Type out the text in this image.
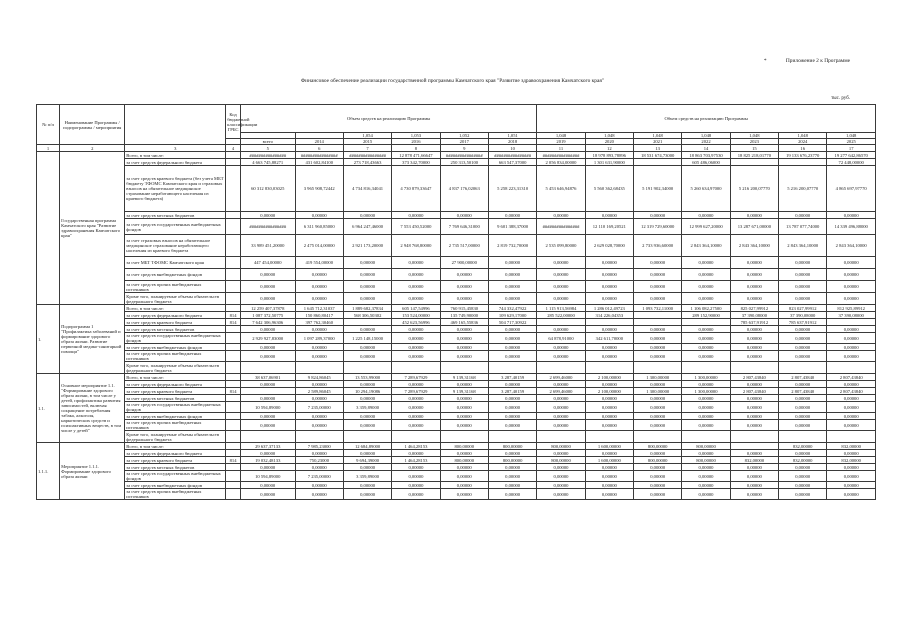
*	Приложение 2 к Программе
Финансовое обеспечение реализации государственной программы Камчатского края "Развитие здравоохранения Камчатского края"
тыс. руб.
№ п/п	Наименование Программы / подпрограммы / мероприятия		Код бюджетной классификации ГРБС	Объем средств на реализацию Программы						Объем средств на реализацию Программы						
						1,054	1,053	1,052	1,051	1,048	1,048	1,048	1,048	1,048	1,048	1,048
				всего	2014	2015	2016	2017	2018	2019	2020	2021	2022	2023	2024	2025
1	2	3	4	5	6	7	8	9	10	11	12	13	14	15	16	17
	Государственная программа Камчатского края "Развитие здравоохранения Камчатского края"	Всего, в том числе:		################	################	################	12 878 471,66647	################	################	################	18 978 893,78896	18 531 674,73000	18 863 703,97530	18 825 218,01770	19 133 676,23770	19 277 642,86570
		за счет средств федерального бюджета		4 663 745,88271	431 602,84100	273 718,43663	373 342,70000	250 313,50100	663 547,37000	2 056 834,00000	1 301 631,90000		605 486,06000			72 448,00000
		за счет средств краевого бюджета (без учета МБТ бюджету ТФОМС Камчатского края и страховых взносов на обязательное медицинское страхование неработающего населения из краевого бюджета)		60 312 830,03025	3 965 908,72442	4 734 816,34041	4 730 879,33647	4 837 176,02063	5 258 223,31310	5 453 646,94876	5 560 362,68435	5 191 902,34000	5 260 634,97000	5 216 200,07770	5 216 200,07770	4 865 697,97770
		за счет средств местных бюджетов		0,00000	0,00000	0,00000	0,00000	0,00000	0,00000	0,00000	0,00000	0,00000	0,00000	0,00000	0,00000	0,00000
		за счет средств государственных внебюджетных фондов		################	6 311 960,85000	6 964 247,46000	7 553 450,52000	7 769 646,31000	9 601 388,37000	################	12 110 169,20521	12 319 729,60000	12 999 627,20000	13 287 671,00000	13 787 077,74000	14 339 496,88000
		за счет страховых взносов на обязательное медицинское страхование неработающего населения из краевого бюджета		33 989 451,20000	2 475 014,00000	2 921 173,20000	2 948 768,80000	2 735 517,00000	2 819 732,70000	2 535 099,80000	2 629 028,70000	2 733 936,60000	2 843 364,10000	2 843 364,10000	2 843 364,10000	2 843 364,10000
		за счет МБТ ТФОМС Камчатского края		447 454,00000	419 554,00000	0,00000	0,00000	27 900,00000	0,00000	0,00000	0,00000	0,00000	0,00000	0,00000	0,00000	0,00000
		за счет средств внебюджетных фондов		0,00000	0,00000	0,00000	0,00000	0,00000	0,00000	0,00000	0,00000	0,00000	0,00000	0,00000	0,00000	0,00000
		за счет средств прочих внебюджетных источников		0,00000	0,00000	0,00000	0,00000	0,00000	0,00000	0,00000	0,00000	0,00000	0,00000	0,00000	0,00000	0,00000
		Кроме того, планируемые объемы обязательств федерального бюджета		0,00000	0,00000	0,00000	0,00000	0,00000	0,00000	0,00000	0,00000	0,00000	0,00000	0,00000	0,00000	0,00000
1.	Подпрограмма 1 "Профилактика заболеваний и формирование здорового образа жизни. Развитие первичной медико-санитарной помощи"	Всего, в том числе:		12 259 407,37878	1 645 712,31037	1 889 682,37834	605 147,54996	760 915,45830	744 332,47922	1 115 913,56984	1 286 012,49723	1 093 732,11000	1 106 082,27500	825 027,99912	823 027,99912	812 925,89912
		за счет средств федерального бюджета	814	1 087 372,50775	150 860,80417	568 306,50302	153 524,00000	135 749,90000	109 629,17000	285 522,00000	314 226,04353		289 152,90000	37 390,08000	37 390,08000	37 390,08000
		за счет средств краевого бюджета	814	7 642 306,96306	397 762,30460		452 623,56996	469 165,55836	504 717,30922					785 637,91912	785 637,91912	
		за счет средств местных бюджетов		0,00000	0,00000	0,00000	0,00000	0,00000	0,00000	0,00000	0,00000	0,00000	0,00000	0,00000	0,00000	0,00000
		за счет средств государственных внебюджетных фондов		2 929 927,83000	1 097 289,37000	1 225 148,15000	0,00000	0,00000	0,00000	64 878,91000	342 611,70000	0,00000	0,00000	0,00000	0,00000	0,00000
		за счет средств внебюджетных фондов		0,00000	0,00000	0,00000	0,00000	0,00000	0,00000	0,00000	0,00000	0,00000	0,00000	0,00000	0,00000	0,00000
		за счет средств прочих внебюджетных источников		0,00000	0,00000	0,00000	0,00000	0,00000	0,00000	0,00000	0,00000	0,00000	0,00000	0,00000	0,00000	0,00000
		Кроме того, планируемые объемы обязательств федерального бюджета														
1.1.	Основное мероприятие 1.1. "Формирование здорового образа жизни, в том числе у детей, профилактика развития зависимостей, включая сокращение потребления табака, алкоголя, наркотических средств и психоактивных веществ, в том числе у детей"	Всего, в том числе:		38 637,06901	9 824,86045	13 553,99000	7 289,67929	9 139,31168	3 287,40159	2 699,46000	2 100,00000	1 300,00000	1 300,00000	2 807,43840	2 807,43840	2 807,43840
		за счет средств федерального бюджета		0,00000	0,00000	0,00000	0,00000	0,00000	0,00000	0,00000	0,00000	0,00000	0,00000	0,00000	0,00000	0,00000
		за счет средств краевого бюджета	814		2 589,86045	10 294,19086	7 289,67929	9 139,31168	3 287,40159	2 699,46000	2 100,00000	1 300,00000	1 300,00000	2 807,43840	2 807,43840	2 807,43840
		за счет средств местных бюджетов		0,00000	0,00000	0,00000	0,00000	0,00000	0,00000	0,00000	0,00000	0,00000	0,00000	0,00000	0,00000	0,00000
		за счет средств государственных внебюджетных фондов		10 594,89000	7 235,00000	3 359,89000	0,00000	0,00000	0,00000	0,00000	0,00000	0,00000	0,00000	0,00000	0,00000	0,00000
		за счет средств внебюджетных фондов		0,00000	0,00000	0,00000	0,00000	0,00000	0,00000	0,00000	0,00000	0,00000	0,00000	0,00000	0,00000	0,00000
		за счет средств прочих внебюджетных источников		0,00000	0,00000	0,00000	0,00000	0,00000	0,00000	0,00000	0,00000	0,00000	0,00000	0,00000	0,00000	0,00000
		Кроме того, планируемые объемы обязательств федерального бюджета														
1.1.1.	Мероприятие 1.1.1. Формирование здорового образа жизни	Всего, в том числе:		29 637,37133	7 985,23000	12 684,89000	1 464,28153	800,00000	800,00000	800,00000	1 600,00000	800,00000	800,00000		832,00000	832,00000
		за счет средств федерального бюджета		0,00000	0,00000	0,00000	0,00000	0,00000	0,00000	0,00000	0,00000	0,00000	0,00000	0,00000	0,00000	0,00000
		за счет средств краевого бюджета	814	19 032,48133	750,23000	9 694,39000	1 464,28153	800,00000	800,00000	800,00000	1 600,00000	800,00000	800,00000	832,00000	832,00000	832,00000
		за счет средств местных бюджетов		0,00000	0,00000	0,00000	0,00000	0,00000	0,00000	0,00000	0,00000	0,00000	0,00000	0,00000	0,00000	0,00000
		за счет средств государственных внебюджетных фондов		10 594,89000	7 235,00000	3 359,89000	0,00000	0,00000	0,00000	0,00000	0,00000	0,00000	0,00000	0,00000	0,00000	0,00000
		за счет средств внебюджетных фондов		0,00000	0,00000	0,00000	0,00000	0,00000	0,00000	0,00000	0,00000	0,00000	0,00000	0,00000	0,00000	0,00000
		за счет средств прочих внебюджетных источников		0,00000	0,00000	0,00000	0,00000	0,00000	0,00000	0,00000	0,00000	0,00000	0,00000	0,00000	0,00000	0,00000
